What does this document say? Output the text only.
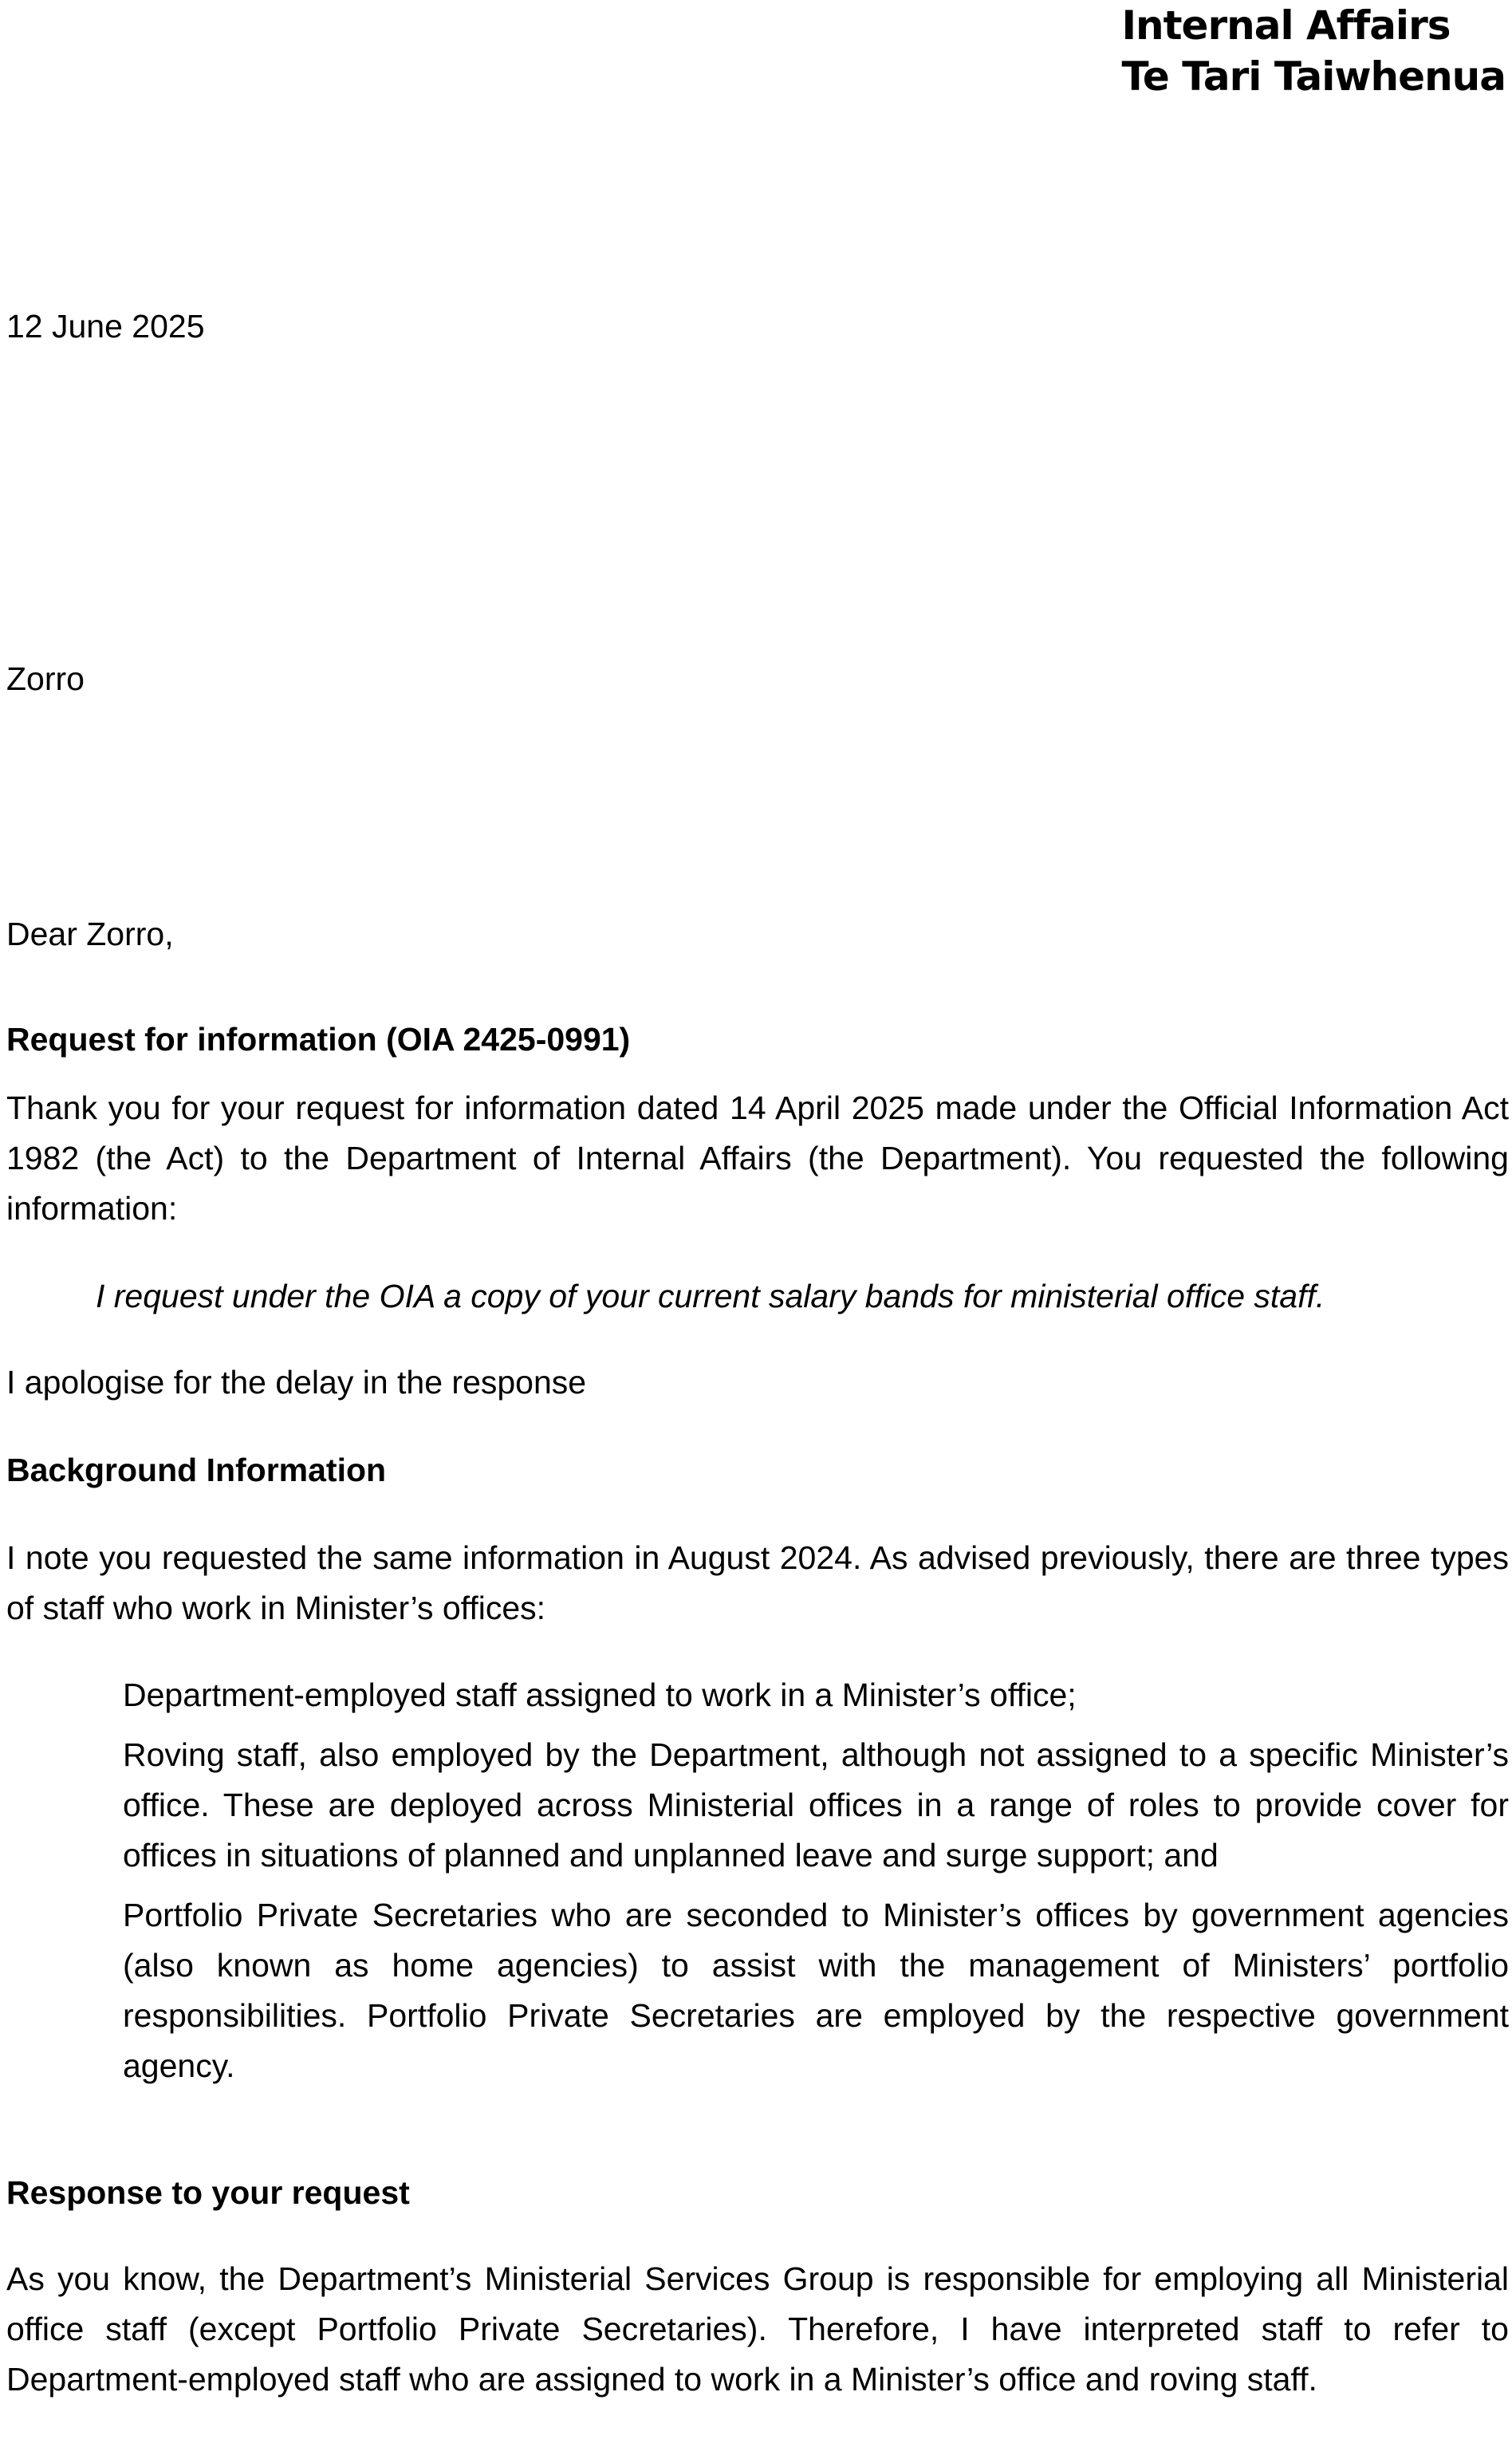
Internal Affairs
Te Tari Taiwhenua
12 June 2025
Zorro
Dear Zorro,
Request for information (OIA 2425-0991)
Thank you for your request for information dated 14 April 2025 made under the Official Information Act 1982 (the Act) to the Department of Internal Affairs (the Department). You requested the following information:
I request under the OIA a copy of your current salary bands for ministerial office staff.
I apologise for the delay in the response
Background Information
I note you requested the same information in August 2024. As advised previously, there are three types of staff who work in Minister’s offices:
Department-employed staff assigned to work in a Minister’s office;
Roving staff, also employed by the Department, although not assigned to a specific Minister’s office. These are deployed across Ministerial offices in a range of roles to provide cover for offices in situations of planned and unplanned leave and surge support; and
Portfolio Private Secretaries who are seconded to Minister’s offices by government agencies (also known as home agencies) to assist with the management of Ministers’ portfolio responsibilities. Portfolio Private Secretaries are employed by the respective government agency.
Response to your request
As you know, the Department’s Ministerial Services Group is responsible for employing all Ministerial office staff (except Portfolio Private Secretaries). Therefore, I have interpreted staff to refer to Department-employed staff who are assigned to work in a Minister’s office and roving staff.
